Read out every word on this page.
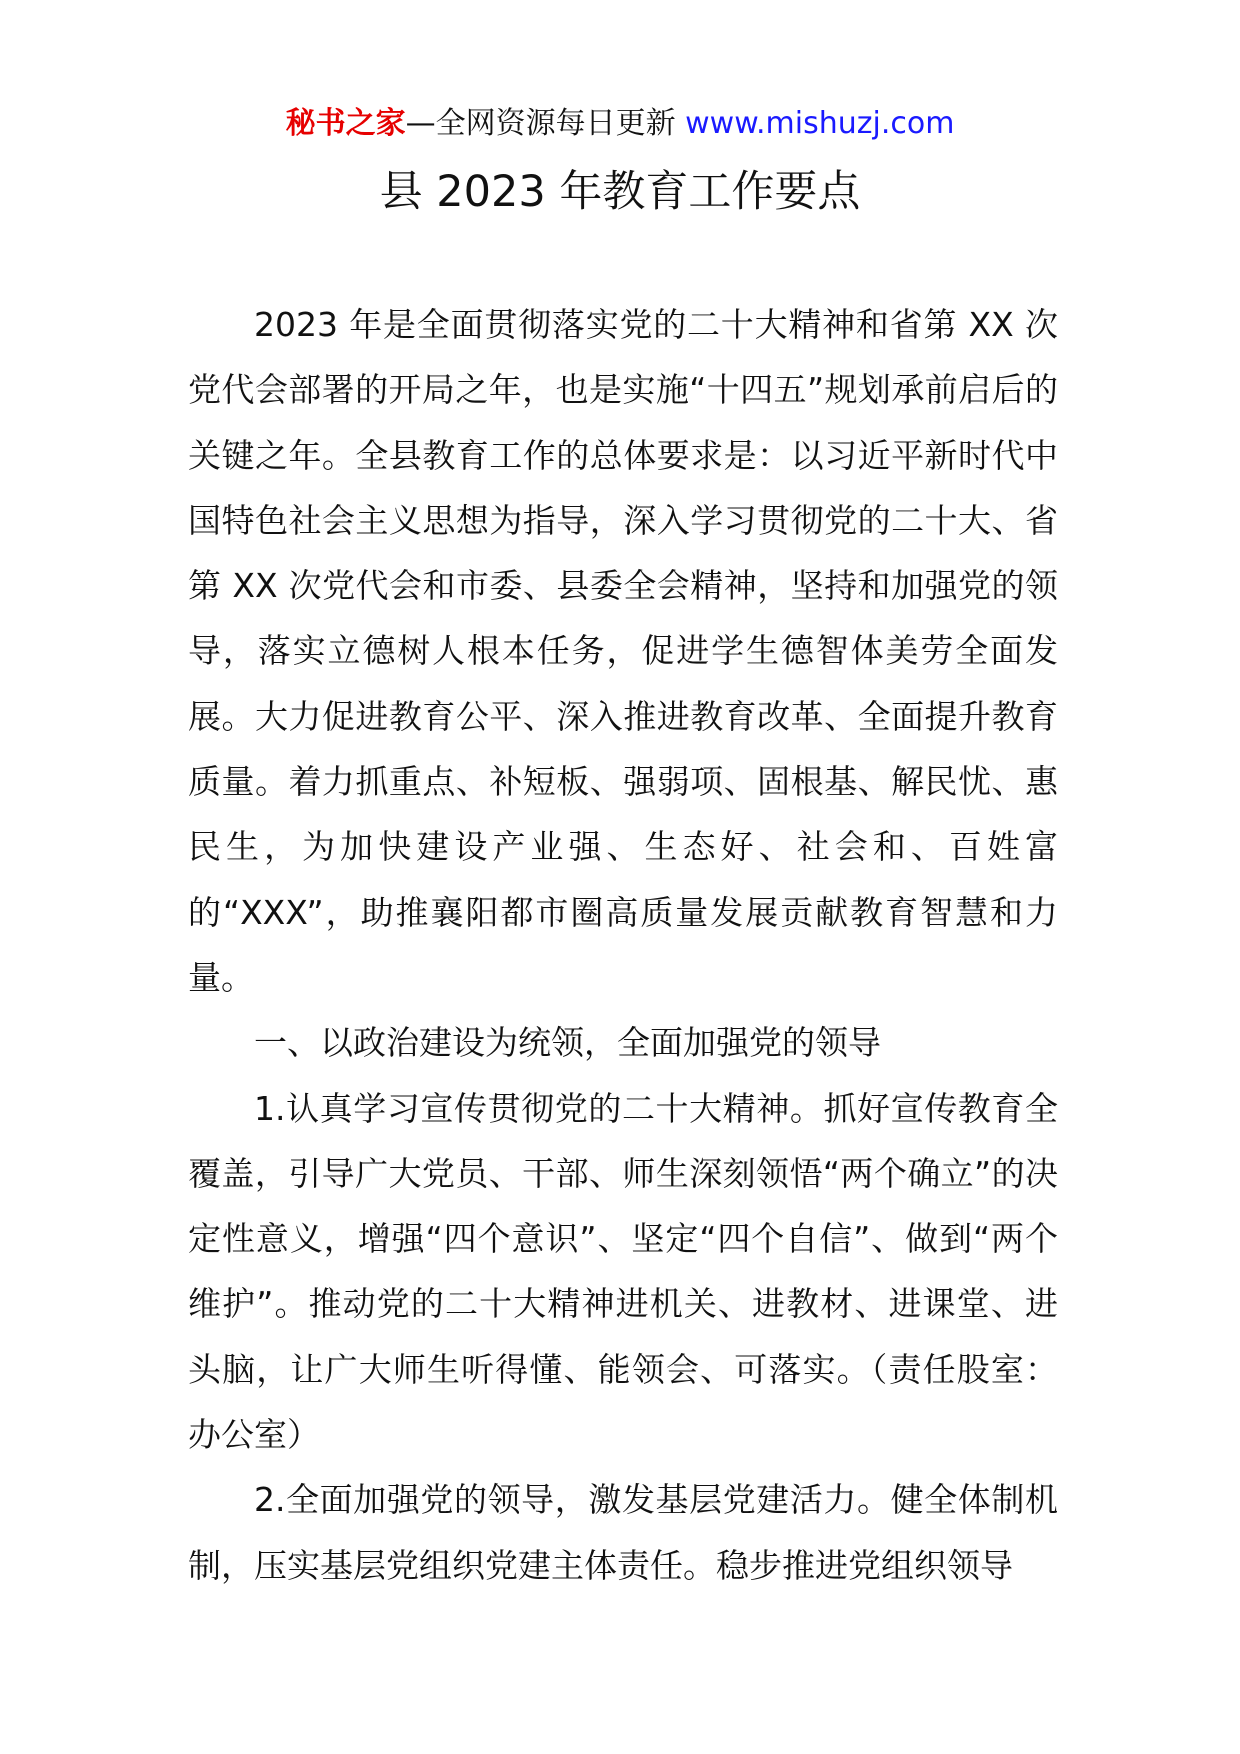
秘书之家—全网资源每日更新 www.mishuzj.com
县 2023 年教育工作要点

2023 年是全面贯彻落实党的二十大精神和省第 XX 次党代会部署的开局之年，也是实施“十四五”规划承前启后的关键之年。全县教育工作的总体要求是：以习近平新时代中国特色社会主义思想为指导，深入学习贯彻党的二十大、省第 XX 次党代会和市委、县委全会精神，坚持和加强党的领导，落实立德树人根本任务，促进学生德智体美劳全面发展。大力促进教育公平、深入推进教育改革、全面提升教育质量。着力抓重点、补短板、强弱项、固根基、解民忧、惠民生，为加快建设产业强、生态好、社会和、百姓富的“XXX”，助推襄阳都市圈高质量发展贡献教育智慧和力量。

一、以政治建设为统领，全面加强党的领导

1.认真学习宣传贯彻党的二十大精神。抓好宣传教育全覆盖，引导广大党员、干部、师生深刻领悟“两个确立”的决定性意义，增强“四个意识”、坚定“四个自信”、做到“两个维护”。推动党的二十大精神进机关、进教材、进课堂、进头脑，让广大师生听得懂、能领会、可落实。（责任股室：办公室）

2.全面加强党的领导，激发基层党建活力。健全体制机制，压实基层党组织党建主体责任。稳步推进党组织领导
